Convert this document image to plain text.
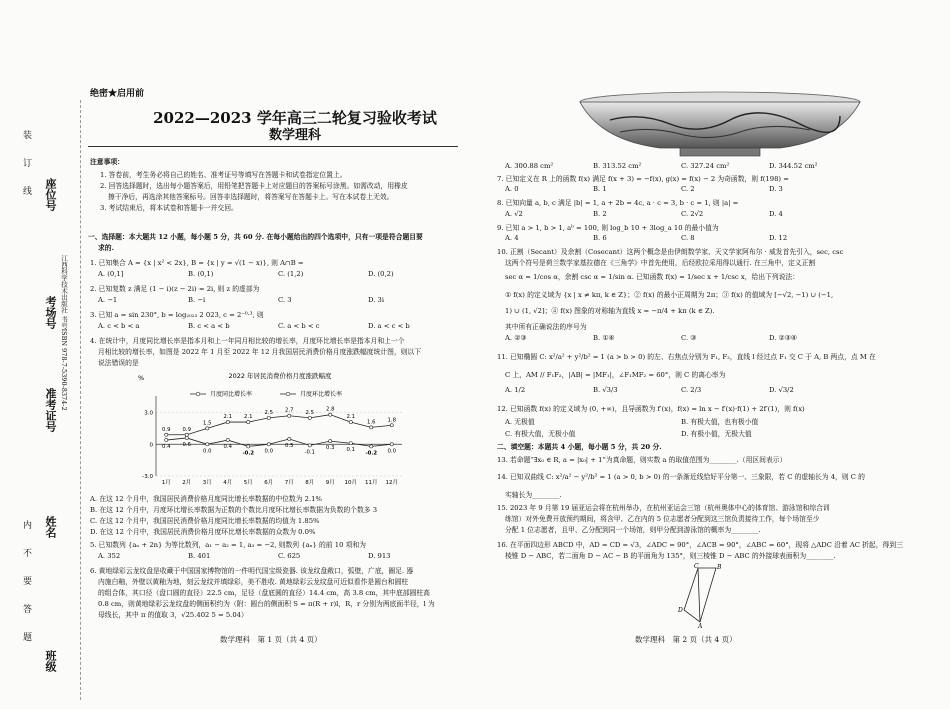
座位号
考场号
准考证号
姓名
班级
江西科学技术出版社 书号ISBN 978-7-5390-8374-2
装
订
线
内
不
要
答
题
绝密★启用前
2022—2023 学年高三二轮复习验收考试
数学理科
注意事项：
1. 答卷前，考生务必将自己的姓名、准考证号等填写在答题卡和试卷指定位置上。
2. 回答选择题时，选出每小题答案后，用铅笔把答题卡上对应题目的答案标号涂黑。如需改动，用橡皮
擦干净后，再选涂其他答案标号。回答非选择题时，将答案写在答题卡上。写在本试卷上无效。
3. 考试结束后，将本试卷和答题卡一并交回。
一、选择题：本大题共 12 小题，每小题 5 分，共 60 分. 在每小题给出的四个选项中，只有一项是符合题目要
求的.
1. 已知集合 A = {x | x² < 2x}, B = {x | y = √(1 − x)}, 则 A∩B =
A. (0,1]	B. (0,1)	C. (1,2)	D. (0,2)
2. 已知复数 z 满足 (1 − i)(z − 2i) = 2i, 则 z 的虚部为
A. −1	B. −i	C. 3	D. 3i
3. 已知 a = sin 230°, b = log₂₀₂₃ 2 023, c = 2⁻⁰·³, 则
A. c < b < a	B. c < a < b	C. a < b < c	D. a < c < b
4. 在统计中，月度同比增长率是指本月和上一年同月相比较的增长率，月度环比增长率是指本月和上一个
月相比较的增长率，如图是 2022 年 1 月至 2022 年 12 月我国居民消费价格月度涨跌幅度统计图，则以下
说法错误的是
2022 年居民消费价格月度涨跌幅度
%
月度同比增长率	月度环比增长率
-3.0
0
3.0
1月 2月 3月 4月 5月 6月 7月 8月 9月 10月 11月 12月
0.9 0.9
1.5
2.1 2.1
2.5 2.7 2.5
2.8
2.1
1.6 1.8
0.4 0.6
0.0
0.4
-0.2 0.0
0.5
-0.1
0.3 0.1
-0.2 0.0
A. 在这 12 个月中，我国居民消费价格月度同比增长率数据的中位数为 2.1%
B. 在这 12 个月中，月度环比增长率数据为正数的个数比月度环比增长率数据为负数的个数多 3
C. 在这 12 个月中，我国居民消费价格月度同比增长率数据的均值为 1.85%
D. 在这 12 个月中，我国居民消费价格月度环比增长率数据的众数为 0.0%
5. 已知数列 {aₙ + 2n} 为等比数列，a₁ − a₂ = 1, a₃ = −2, 则数列 {aₙ} 的前 10 项和为
A. 352	B. 401	C. 625	D. 913
6. 黄地绿彩云龙纹盘是收藏于中国国家博物馆的一件明代国宝级瓷器. 该龙纹盘敞口，弧壁，广底，圈足. 器
内施白釉，外壁以黄釉为地，刻云龙纹并填绿彩，美不胜收. 黄地绿彩云龙纹盘可近似看作是圆台和圆柱
的组合体，其口径（盘口圆的直径）22.5 cm，足径（盘底圆的直径）14.4 cm，高 3.8 cm，其中底部圆柱高
0.8 cm，则黄地绿彩云龙纹盘的侧面积约为（附：圆台的侧面积 S = π(R + r)l，R，r 分别为两底面半径，l 为
母线长，其中 π 的值取 3，√25.402 5 = 5.04）
数学理科　第 1 页（共 4 页）
A. 300.88 cm²	B. 313.52 cm²	C. 327.24 cm²	D. 344.52 cm²
7. 已知定义在 R 上的函数 f(x) 满足 f(x + 3) = −f(x), g(x) = f(x) − 2 为奇函数，则 f(198) =
A. 0	B. 1	C. 2	D. 3
8. 已知向量 a, b, c 满足 |b| = 1, a + 2b = 4c, a · c = 3, b · c = 1, 则 |a| =
A. √2	B. 2	C. 2√2	D. 4
9. 已知 a > 1, b > 1, aᵇ = 100, 则 log_b 10 + 3log_a 10 的最小值为
A. 4	B. 6	C. 8	D. 12
10. 正割（Secant）及余割（Cosecant）这两个概念是由伊朗数学家、天文学家阿布尔 · 威发首先引入，sec, csc
这两个符号是荷兰数学家基拉德在《三角学》中首先使用，后经欧拉采用得以通行. 在三角中，定义正割
sec α = 1/cos α，余割 csc α = 1/sin α. 已知函数 f(x) = 1/sec x + 1/csc x，给出下列说法：
① f(x) 的定义域为 {x | x ≠ kπ, k ∈ Z}；② f(x) 的最小正周期为 2π；③ f(x) 的值域为 [−√2, −1) ∪ (−1,
1) ∪ (1, √2]；④ f(x) 图象的对称轴为直线 x = −π/4 + kπ (k ∈ Z).
其中所有正确说法的序号为
A. ②③	B. ①④	C. ③	D. ②③④
11. 已知椭圆 C: x²/a² + y²/b² = 1 (a > b > 0) 的左、右焦点分别为 F₁, F₂，直线 l 经过点 F₁ 交 C 于 A, B 两点，点 M 在
C 上，AM // F₁F₂，|AB| = |MF₁|，∠F₁MF₂ = 60°，则 C 的离心率为
A. 1/2	B. √3/3	C. 2/3	D. √3/2
12. 已知函数 f(x) 的定义域为 (0, +∞)，且导函数为 f′(x)，f(x) = ln x − f′(x)·f(1) + 2f′(1)，则 f(x)
A. 无极值	B. 有极大值，也有极小值
C. 有极大值，无极小值	D. 有极小值，无极大值
二、填空题：本题共 4 小题，每小题 5 分，共 20 分.
13. 若命题“∃x₀ ∈ R, a = |x₀| + 1”为真命题，则实数 a 的取值范围为________.（用区间表示）
14. 已知双曲线 C: x²/a² − y²/b² = 1 (a > 0, b > 0) 的一条渐近线恰好平分第一、三象限，若 C 的虚轴长为 4，则 C 的
实轴长为________.
15. 2023 年 9 月第 19 届亚运会将在杭州举办，在杭州亚运会三馆（杭州奥体中心的体育馆、游泳馆和综合训
练馆）对外免费开放预约期间，将含甲、乙在内的 5 位志愿者分配到这三馆负责接待工作，每个场馆至少
分配 1 位志愿者，且甲、乙分配到同一个场馆，则甲分配到游泳馆的概率为________.
16. 在平面四边形 ABCD 中，AD = CD = √3，∠ADC = 90°，∠ACB = 90°，∠ABC = 60°，现将 △ADC 沿着 AC 折起，得到三
棱锥 D − ABC，若二面角 D − AC − B 的平面角为 135°，则三棱锥 D − ABC 的外接球表面积为________.
C	B
D
A
数学理科　第 2 页（共 4 页）
